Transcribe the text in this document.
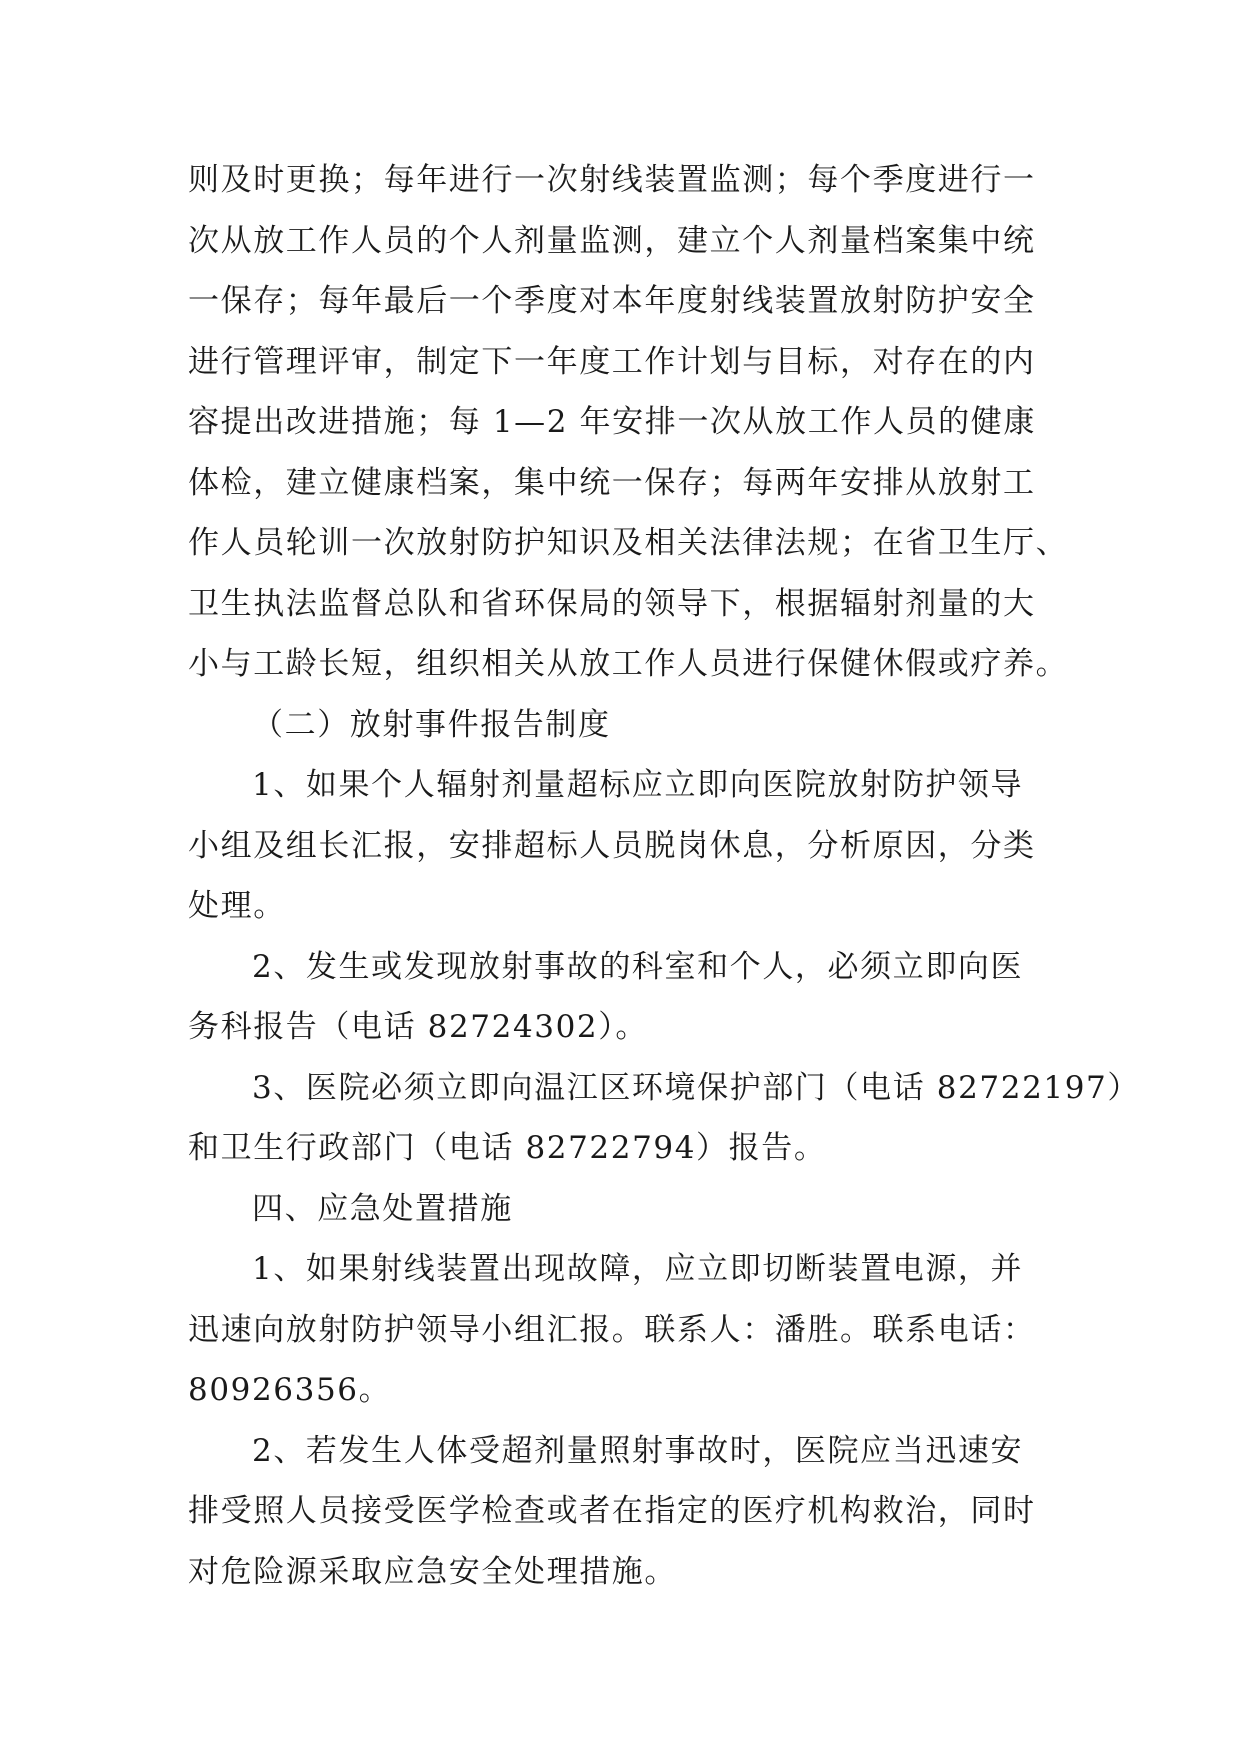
则及时更换；每年进行一次射线装置监测；每个季度进行一
次从放工作人员的个人剂量监测，建立个人剂量档案集中统
一保存；每年最后一个季度对本年度射线装置放射防护安全
进行管理评审，制定下一年度工作计划与目标，对存在的内
容提出改进措施；每 1—2 年安排一次从放工作人员的健康
体检，建立健康档案，集中统一保存；每两年安排从放射工
作人员轮训一次放射防护知识及相关法律法规；在省卫生厅、
卫生执法监督总队和省环保局的领导下，根据辐射剂量的大
小与工龄长短，组织相关从放工作人员进行保健休假或疗养。
（二）放射事件报告制度
1、如果个人辐射剂量超标应立即向医院放射防护领导
小组及组长汇报，安排超标人员脱岗休息，分析原因，分类
处理。
2、发生或发现放射事故的科室和个人，必须立即向医
务科报告（电话 82724302）。
3、医院必须立即向温江区环境保护部门（电话 82722197）
和卫生行政部门（电话 82722794）报告。
四、应急处置措施
1、如果射线装置出现故障，应立即切断装置电源，并
迅速向放射防护领导小组汇报。联系人：潘胜。联系电话：
80926356。
2、若发生人体受超剂量照射事故时，医院应当迅速安
排受照人员接受医学检查或者在指定的医疗机构救治，同时
对危险源采取应急安全处理措施。
